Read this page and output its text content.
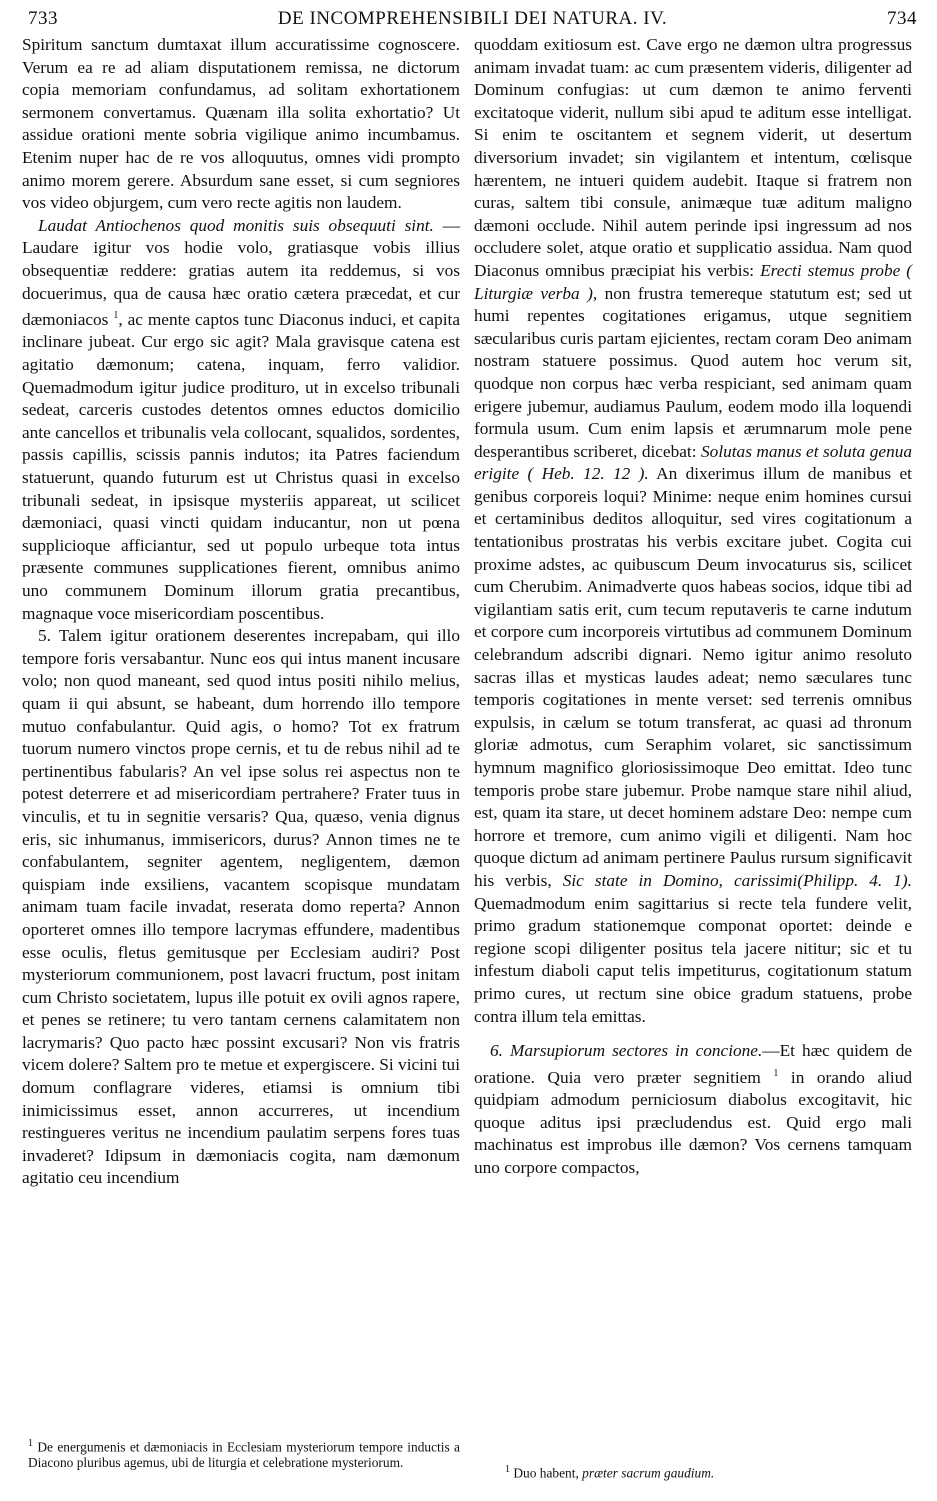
733	DE INCOMPREHENSIBILI DEI NATURA. IV.	734

Spiritum sanctum dumtaxat illum accuratissime cognoscere. Verum ea re ad aliam disputationem remissa, ne dictorum copia memoriam confundamus, ad solitam exhortationem sermonem convertamus. Quænam illa solita exhortatio? Ut assidue orationi mente sobria vigilique animo incumbamus. Etenim nuper hac de re vos alloquutus, omnes vidi prompto animo morem gerere. Absurdum sane esset, si cum segniores vos video objurgem, cum vero recte agitis non laudem.

Laudat Antiochenos quod monitis suis obsequuti sint. — Laudare igitur vos hodie volo, gratiasque vobis illius obsequentiæ reddere: gratias autem ita reddemus, si vos docuerimus, qua de causa hæc oratio cætera præcedat, et cur dæmoniacos $^1$, ac mente captos tunc Diaconus induci, et capita inclinare jubeat. Cur ergo sic agit? Mala gravisque catena est agitatio dæmonum; catena, inquam, ferro validior. Quemadmodum igitur judice prodituro, ut in excelso tribunali sedeat, carceris custodes detentos omnes eductos domicilio ante cancellos et tribunalis vela collocant, squalidos, sordentes, passis capillis, scissis pannis indutos; ita Patres faciendum statuerunt, quando futurum est ut Christus quasi in excelso tribunali sedeat, in ipsisque mysteriis appareat, ut scilicet dæmoniaci, quasi vincti quidam inducantur, non ut pœna supplicioque afficiantur, sed ut populo urbeque tota intus præsente communes supplicationes fierent, omnibus animo uno communem Dominum illorum gratia precantibus, magnaque voce misericordiam poscentibus.

5. Talem igitur orationem deserentes increpabam, qui illo tempore foris versabantur. Nunc eos qui intus manent incusare volo; non quod maneant, sed quod intus positi nihilo melius, quam ii qui absunt, se habeant, dum horrendo illo tempore mutuo confabulantur. Quid agis, o homo? Tot ex fratrum tuorum numero vinctos prope cernis, et tu de rebus nihil ad te pertinentibus fabularis? An vel ipse solus rei aspectus non te potest deterrere et ad misericordiam pertrahere? Frater tuus in vinculis, et tu in segnitie versaris? Qua, quæso, venia dignus eris, sic inhumanus, immisericors, durus? Annon times ne te confabulantem, segniter agentem, negligentem, dæmon quispiam inde exsiliens, vacantem scopisque mundatam animam tuam facile invadat, reserata domo reperta? Annon oporteret omnes illo tempore lacrymas effundere, madentibus esse oculis, fletus gemitusque per Ecclesiam audiri? Post mysteriorum communionem, post lavacri fructum, post initam cum Christo societatem, lupus ille potuit ex ovili agnos rapere, et penes se retinere; tu vero tantam cernens calamitatem non lacrymaris? Quo pacto hæc possint excusari? Non vis fratris vicem dolere? Saltem pro te metue et expergiscere. Si vicini tui domum conflagrare videres, etiamsi is omnium tibi inimicissimus esset, annon accurreres, ut incendium restingueres veritus ne incendium paulatim serpens fores tuas invaderet? Idipsum in dæmoniacis cogita, nam dæmonum agitatio ceu incendium

quoddam exitiosum est. Cave ergo ne dæmon ultra progressus animam invadat tuam: ac cum præsentem videris, diligenter ad Dominum confugias: ut cum dæmon te animo ferventi excitatoque viderit, nullum sibi apud te aditum esse intelligat. Si enim te oscitantem et segnem viderit, ut desertum diversorium invadet; sin vigilantem et intentum, cœlisque hærentem, ne intueri quidem audebit. Itaque si fratrem non curas, saltem tibi consule, animæque tuæ aditum maligno dæmoni occlude. Nihil autem perinde ipsi ingressum ad nos occludere solet, atque oratio et supplicatio assidua. Nam quod Diaconus omnibus præcipiat his verbis: Erecti stemus probe ( Liturgiæ verba ), non frustra temereque statutum est; sed ut humi repentes cogitationes erigamus, utque segnitiem sæcularibus curis partam ejicientes, rectam coram Deo animam nostram statuere possimus. Quod autem hoc verum sit, quodque non corpus hæc verba respiciant, sed animam quam erigere jubemur, audiamus Paulum, eodem modo illa loquendi formula usum. Cum enim lapsis et ærumnarum mole pene desperantibus scriberet, dicebat: Solutas manus et soluta genua erigite ( Heb. 12. 12 ). An dixerimus illum de manibus et genibus corporeis loqui? Minime: neque enim homines cursui et certaminibus deditos alloquitur, sed vires cogitationum a tentationibus prostratas his verbis excitare jubet. Cogita cui proxime adstes, ac quibuscum Deum invocaturus sis, scilicet cum Cherubim. Animadverte quos habeas socios, idque tibi ad vigilantiam satis erit, cum tecum reputaveris te carne indutum et corpore cum incorporeis virtutibus ad communem Dominum celebrandum adscribi dignari. Nemo igitur animo resoluto sacras illas et mysticas laudes adeat; nemo sæculares tunc temporis cogitationes in mente verset: sed terrenis omnibus expulsis, in cælum se totum transferat, ac quasi ad thronum gloriæ admotus, cum Seraphim volaret, sic sanctissimum hymnum magnifico gloriosissimoque Deo emittat. Ideo tunc temporis probe stare jubemur. Probe namque stare nihil aliud, est, quam ita stare, ut decet hominem adstare Deo: nempe cum horrore et tremore, cum animo vigili et diligenti. Nam hoc quoque dictum ad animam pertinere Paulus rursum significavit his verbis, Sic state in Domino, carissimi(Philipp. 4. 1). Quemadmodum enim sagittarius si recte tela fundere velit, primo gradum stationemque componat oportet: deinde e regione scopi diligenter positus tela jacere nititur; sic et tu infestum diaboli caput telis impetiturus, cogitationum statum primo cures, ut rectum sine obice gradum statuens, probe contra illum tela emittas.

6. Marsupiorum sectores in concione.—Et hæc quidem de oratione. Quia vero præter segnitiem $^1$ in orando aliud quidpiam admodum perniciosum diabolus excogitavit, hic quoque aditus ipsi præcludendus est. Quid ergo mali machinatus est improbus ille dæmon? Vos cernens tamquam uno corpore compactos,

$^1$ De energumenis et dæmoniacis in Ecclesiam mysteriorum tempore inductis a Diacono pluribus agemus, ubi de liturgia et celebratione mysteriorum.	$^1$ Duo habent, præter sacrum gaudium.
